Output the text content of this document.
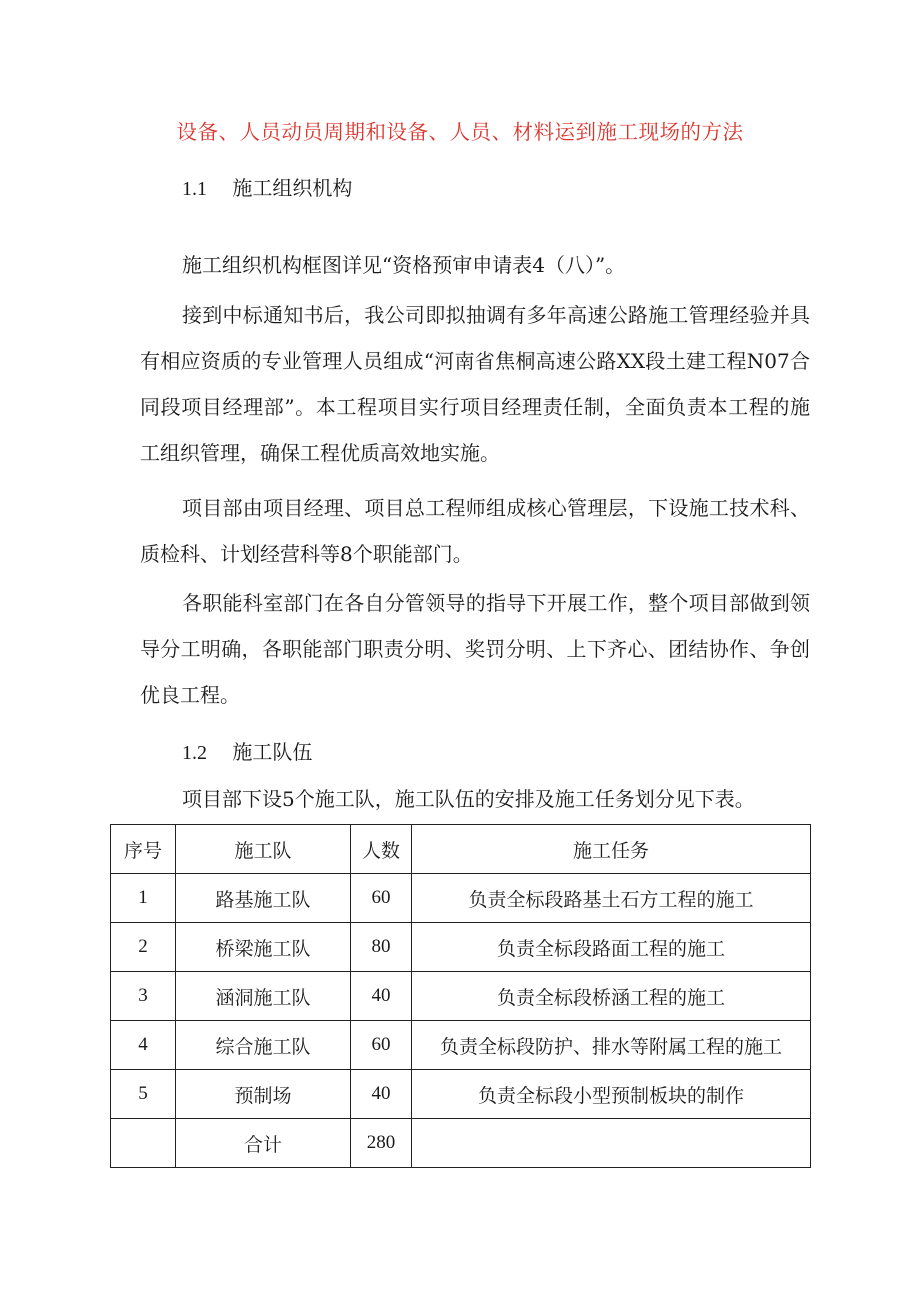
设备、人员动员周期和设备、人员、材料运到施工现场的方法
1.1 施工组织机构
施工组织机构框图详见“资格预审申请表4（八）”。
接到中标通知书后，我公司即拟抽调有多年高速公路施工管理经验并具有相应资质的专业管理人员组成“河南省焦桐高速公路XX段土建工程N07合同段项目经理部”。本工程项目实行项目经理责任制，全面负责本工程的施工组织管理，确保工程优质高效地实施。
项目部由项目经理、项目总工程师组成核心管理层，下设施工技术科、质检科、计划经营科等8个职能部门。
各职能科室部门在各自分管领导的指导下开展工作，整个项目部做到领导分工明确，各职能部门职责分明、奖罚分明、上下齐心、团结协作、争创优良工程。
1.2 施工队伍
项目部下设5个施工队，施工队伍的安排及施工任务划分见下表。
序号	施工队	人数	施工任务
1	路基施工队	60	负责全标段路基土石方工程的施工
2	桥梁施工队	80	负责全标段路面工程的施工
3	涵洞施工队	40	负责全标段桥涵工程的施工
4	综合施工队	60	负责全标段防护、排水等附属工程的施工
5	预制场	40	负责全标段小型预制板块的制作
	合计	280	
